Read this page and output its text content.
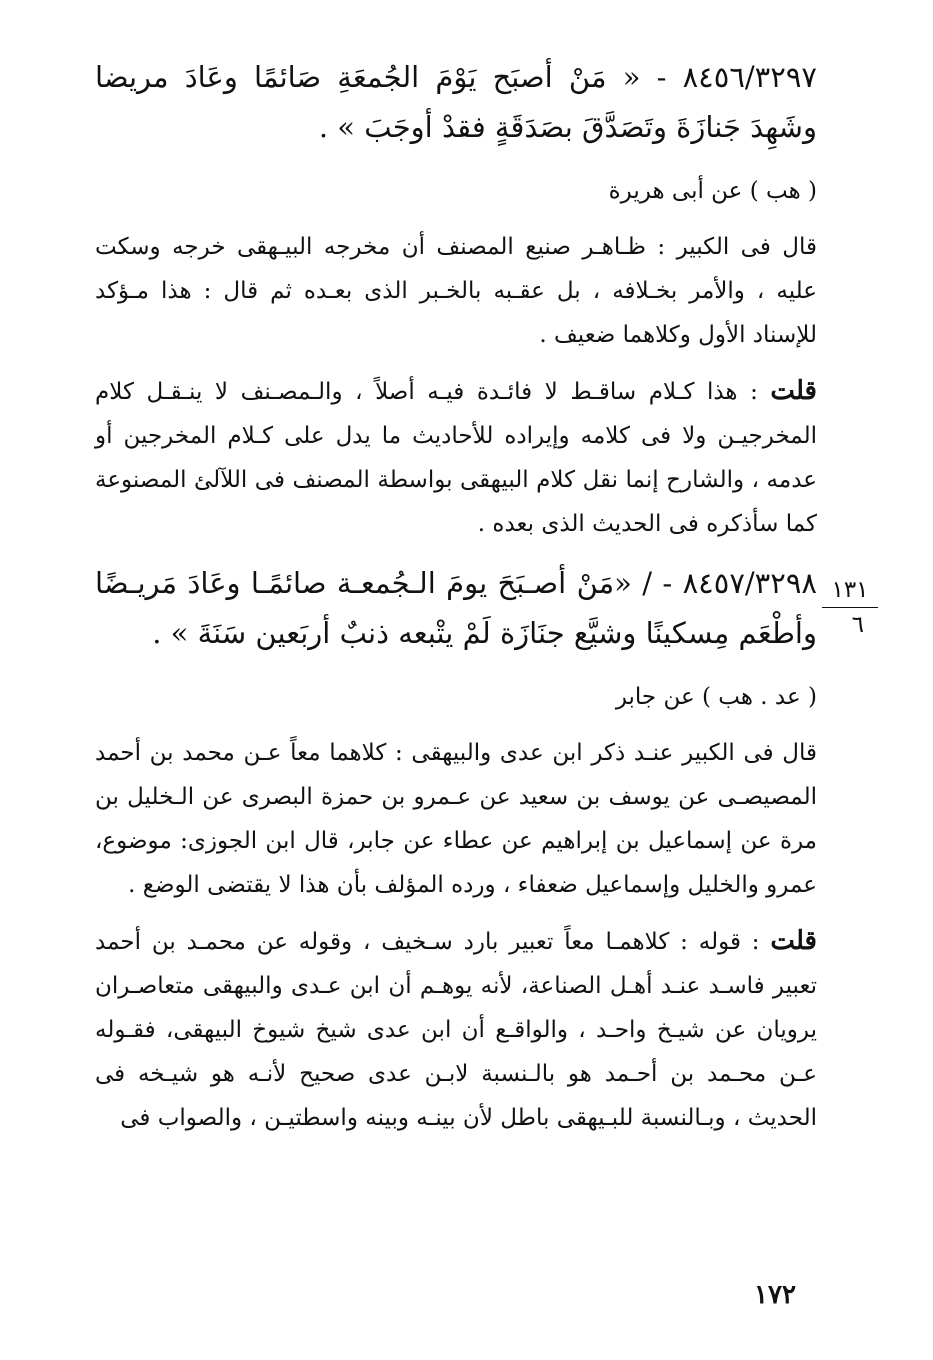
٨٤٥٦/٣٢٩٧ - « مَنْ أصبَح يَوْمَ الجُمعَةِ صَائمًا وعَادَ مريضا وشَهِدَ جَنازَةَ وتَصَدَّقَ بصَدَقَةٍ فقدْ أوجَبَ » .

( هب ) عن أبى هريرة

قال فى الكبير : ظـاهـر صنيع المصنف أن مخرجه البيـهقى خرجه وسكت عليه ، والأمر بخـلافه ، بل عقـبه بالخـبر الذى بعـده ثم قال : هذا مـؤكد للإسناد الأول وكلاهما ضعيف .

قلت : هذا كـلام ساقـط لا فائـدة فيـه أصلاً ، والـمصـنف لا ينـقـل كلام المخرجيـن ولا فى كلامه وإيراده للأحاديث ما يدل على كـلام المخرجين أو عدمه ، والشارح إنما نقل كلام البيهقى بواسطة المصنف فى اللآلئ المصنوعة كما سأذكره فى الحديث الذى بعده .

٨٤٥٧/٣٢٩٨ - / «مَنْ أصـبَحَ يومَ الـجُمعـة صائمًـا وعَادَ مَريـضًا وأطْعَم مِسكينًا وشيَّع جنَازَة لَمْ يتْبعه ذنبٌ أربَعين سَنَةَ » .

( عد . هب ) عن جابر

قال فى الكبير عنـد ذكر ابن عدى والبيهقى : كلاهما معاً عـن محمد بن أحمد المصيصـى عن يوسف بن سعيد عن عـمرو بن حمزة البصرى عن الـخليل بن مرة عن إسماعيل بن إبراهيم عن عطاء عن جابر، قال ابن الجوزى: موضوع، عمرو والخليل وإسماعيل ضعفاء ، ورده المؤلف بأن هذا لا يقتضى الوضع .

قلت : قوله : كلاهمـا معاً تعبير بارد سـخيف ، وقوله عن محمـد بن أحمد تعبير فاسـد عنـد أهـل الصناعة، لأنه يوهـم أن ابن عـدى والبيهقى متعاصـران يرويان عن شيـخ واحـد ، والواقـع أن ابن عدى شيخ شيوخ البيهقى، فقـوله عـن محـمد بن أحـمد هو بالـنسبة لابـن عدى صحيح لأنـه هو شيـخه فى الحديث ، وبـالنسبة للبـيهقى باطل لأن بينـه وبينه واسطتيـن ، والصواب فى

١٣١
٦
١٧٢
